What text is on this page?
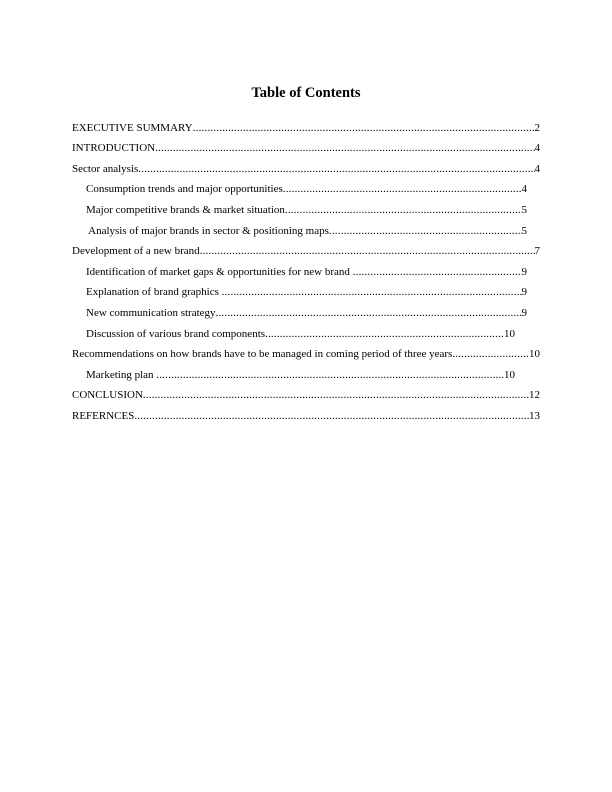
Table of Contents
EXECUTIVE SUMMARY .....	2
INTRODUCTION .....	4
Sector analysis .....	4
Consumption trends and major opportunities .....	4
Major competitive brands & market situation .....	5
Analysis of major brands in sector & positioning maps .....	5
Development of a new brand .....	7
Identification of market gaps & opportunities for new brand .....	9
Explanation of brand graphics .....	9
New communication strategy .....	9
Discussion of various brand components .....	10
Recommendations on how brands have to be managed in coming period of three years .....	10
Marketing plan .....	10
CONCLUSION .....	12
REFERNCES .....	13
